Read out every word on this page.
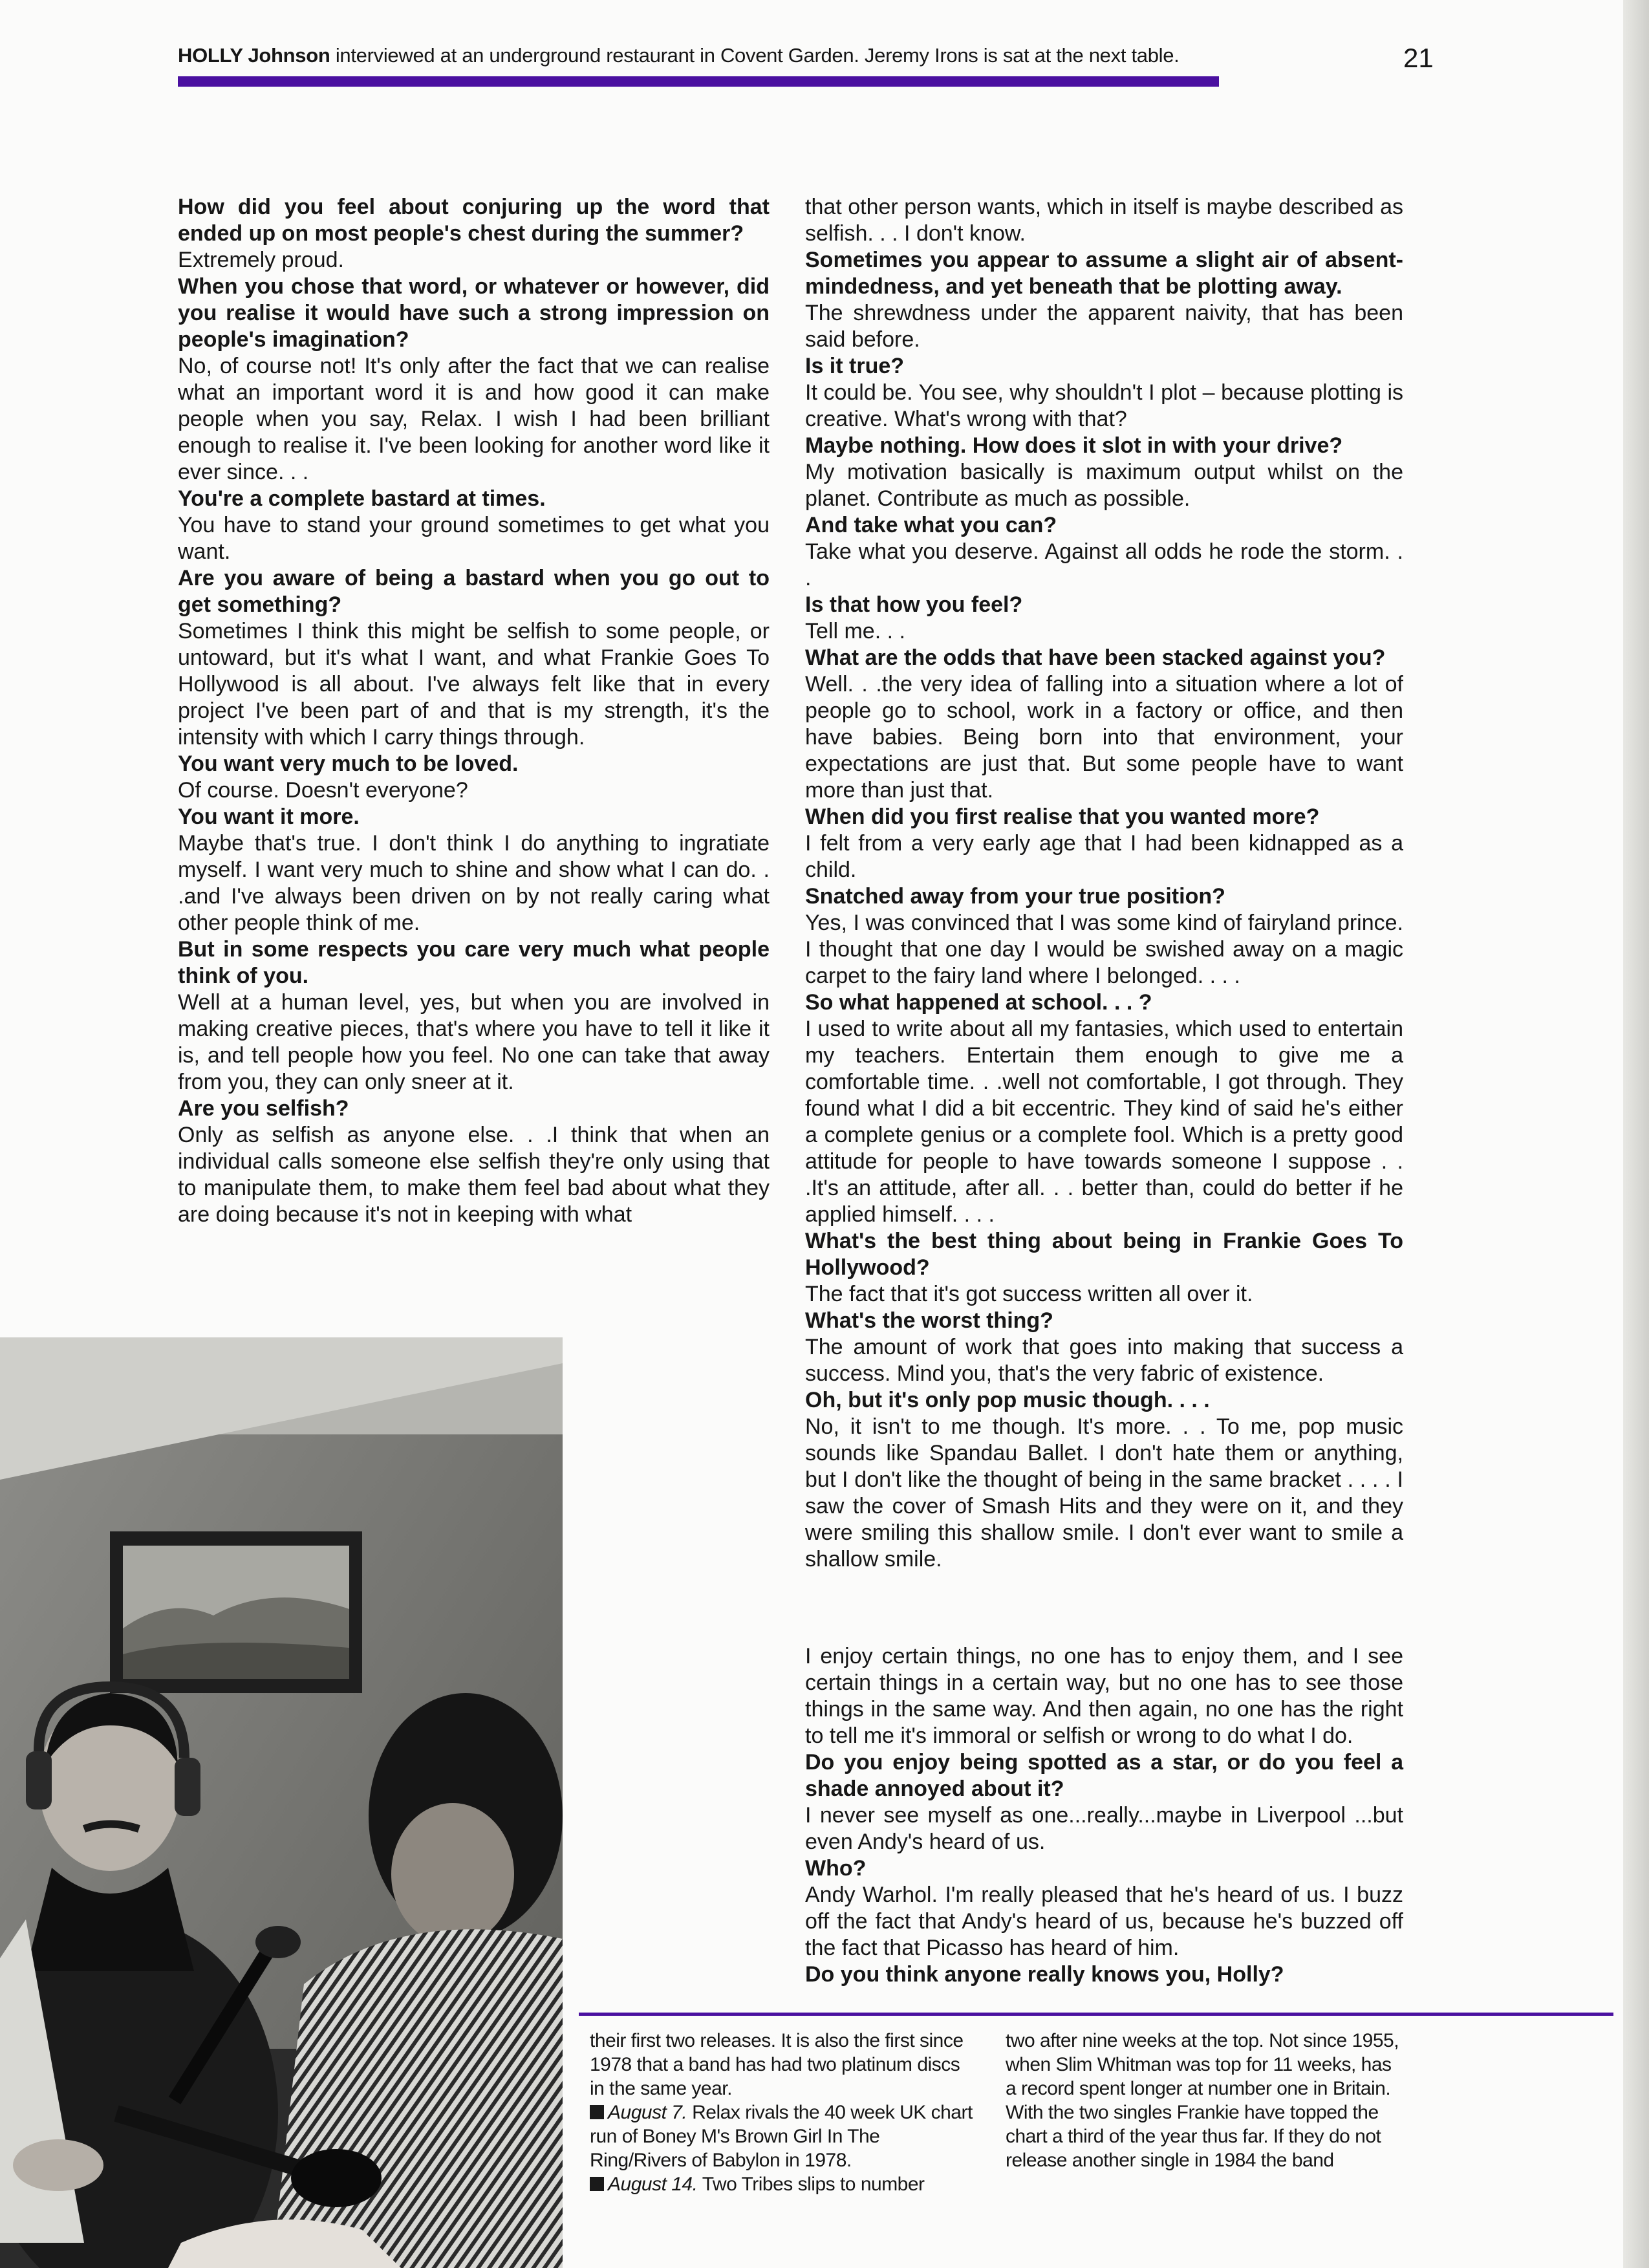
HOLLY Johnson interviewed at an underground restaurant in Covent Garden. Jeremy Irons is sat at the next table.	21

How did you feel about conjuring up the word that ended up on most people's chest during the summer?

Extremely proud.

When you chose that word, or whatever or however, did you realise it would have such a strong impression on people's imagination?

No, of course not! It's only after the fact that we can realise what an important word it is and how good it can make people when you say, Relax. I wish I had been brilliant enough to realise it. I've been looking for another word like it ever since. . .

You're a complete bastard at times.

You have to stand your ground sometimes to get what you want.

Are you aware of being a bastard when you go out to get something?

Sometimes I think this might be selfish to some people, or untoward, but it's what I want, and what Frankie Goes To Hollywood is all about. I've always felt like that in every project I've been part of and that is my strength, it's the intensity with which I carry things through.

You want very much to be loved.

Of course. Doesn't everyone?

You want it more.

Maybe that's true. I don't think I do anything to ingratiate myself. I want very much to shine and show what I can do. . .and I've always been driven on by not really caring what other people think of me.

But in some respects you care very much what people think of you.

Well at a human level, yes, but when you are involved in making creative pieces, that's where you have to tell it like it is, and tell people how you feel. No one can take that away from you, they can only sneer at it.

Are you selfish?

Only as selfish as anyone else. . .I think that when an individual calls someone else selfish they're only using that to manipulate them, to make them feel bad about what they are doing because it's not in keeping with what

that other person wants, which in itself is maybe described as selfish. . . I don't know.

Sometimes you appear to assume a slight air of absent-mindedness, and yet beneath that be plotting away.

The shrewdness under the apparent naivity, that has been said before.

Is it true?

It could be. You see, why shouldn't I plot – because plotting is creative. What's wrong with that?

Maybe nothing. How does it slot in with your drive?

My motivation basically is maximum output whilst on the planet. Contribute as much as possible.

And take what you can?

Take what you deserve. Against all odds he rode the storm. . .

Is that how you feel?

Tell me. . .

What are the odds that have been stacked against you?

Well. . .the very idea of falling into a situation where a lot of people go to school, work in a factory or office, and then have babies. Being born into that environment, your expectations are just that. But some people have to want more than just that.

When did you first realise that you wanted more?

I felt from a very early age that I had been kidnapped as a child.

Snatched away from your true position?

Yes, I was convinced that I was some kind of fairyland prince. I thought that one day I would be swished away on a magic carpet to the fairy land where I belonged. . . .

So what happened at school. . . ?

I used to write about all my fantasies, which used to entertain my teachers. Entertain them enough to give me a comfortable time. . .well not comfortable, I got through. They found what I did a bit eccentric. They kind of said he's either a complete genius or a complete fool. Which is a pretty good attitude for people to have towards someone I suppose . . .It's an attitude, after all. . . better than, could do better if he applied himself. . . .

What's the best thing about being in Frankie Goes To Hollywood?

The fact that it's got success written all over it.

What's the worst thing?

The amount of work that goes into making that success a success. Mind you, that's the very fabric of existence.

Oh, but it's only pop music though. . . .

No, it isn't to me though. It's more. . . To me, pop music sounds like Spandau Ballet. I don't hate them or anything, but I don't like the thought of being in the same bracket . . . . I saw the cover of Smash Hits and they were on it, and they were smiling this shallow smile. I don't ever want to smile a shallow smile.

I enjoy certain things, no one has to enjoy them, and I see certain things in a certain way, but no one has to see those things in the same way. And then again, no one has the right to tell me it's immoral or selfish or wrong to do what I do.

Do you enjoy being spotted as a star, or do you feel a shade annoyed about it?

I never see myself as one...really...maybe in Liverpool ...but even Andy's heard of us.

Who?

Andy Warhol. I'm really pleased that he's heard of us. I buzz off the fact that Andy's heard of us, because he's buzzed off the fact that Picasso has heard of him.

Do you think anyone really knows you, Holly?

their first two releases. It is also the first since 1978 that a band has had two platinum discs in the same year.

August 7. Relax rivals the 40 week UK chart run of Boney M's Brown Girl In The Ring/Rivers of Babylon in 1978.

August 14. Two Tribes slips to number

two after nine weeks at the top. Not since 1955, when Slim Whitman was top for 11 weeks, has a record spent longer at number one in Britain. With the two singles Frankie have topped the chart a third of the year thus far. If they do not release another single in 1984 the band
